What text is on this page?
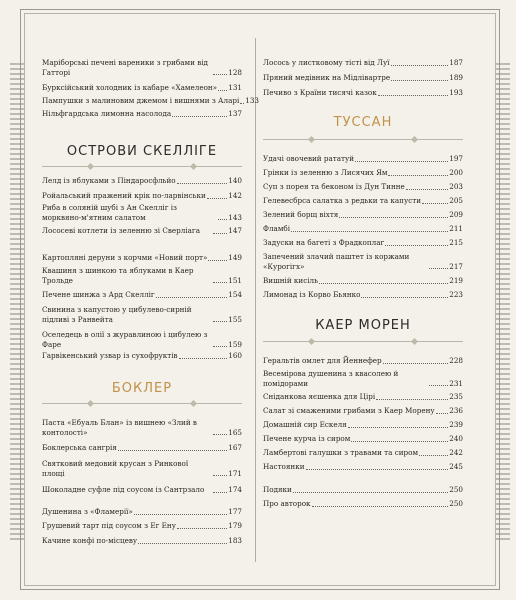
Маріборські печені вареники з грибами від Гатторі	128
Бурксійський холодник із кабаре «Хамелеон» 131
Пампушки з малиновим джемом і вишнями з Аларі 133
Нільфгардська лимонна насолода	137
ОСТРОВИ СКЕЛЛІГЕ
Лелд із яблуками з Піндаросфльйо	140
Ройальський пражений крік по-ларвінськи	142
Риба в соляній шубі з Ан Скелліг із морквяно-м'ятним салатом	143
Лососеві котлети із зеленню зі Сверліага	147
Картопляні деруни з корчми «Новий порт»	149
Квашиня з шинкою та яблуками в Каер Трольде	151
Печене шинжа з Ард Скелліг	154
Свинина з капустою у цибулево-сирній підливі з Ранвейта	155
Оселедець в олії з журавлиною і цибулею з Фаре	159
Гарвікенський узвар із сухофруктів	160
БОКЛЕР
Паста «Ебуаль Блан» із вишнею «Злий в контолості»	165
Боклерська сангрія	167
Святковий медовий крусан з Ринкової площі	171
Шоколадне суфле під соусом із Сантрзало	174
Душенина з «Фламерії»	177
Грушевий тарт під соусом з Ег Ену	179
Качине конфі по-місцеву	183
Лосось у листковому тісті від Луї	187
Пряний медівник на Мідлівартре	189
Печиво з Країни тисячі казок	193
ТУССАН
Удачі овочевий рататуй	197
Грінки із зеленню з Лисячих Ям	200
Суп з порея та беконом із Дун Тинне	203
Гелевесбрса салатка з редьки та капусти	205
Зелений борщ віхтя	209
Фламбі	211
Задуски на багеті з Фрадкоплаг	215
Запечений злачий паштет із коржами «Курогігх»	217
Вишній кисіль	219
Лимонад із Корво Бьянко	223
КАЕР МОРЕН
Геральтів омлет для Йеннефер	228
Весемірова душенина з квасолею й помідорами	231
Сніданкова яєшенка для Цірі	235
Салат зі смаженими грибами з Каер Морену 236
Домашній сир Ескеля	239
Печене курча із сиром	240
Ламбертові галушки з травами та сиром	242
Настоянки	245
Подяки	250
Про авторок	250
